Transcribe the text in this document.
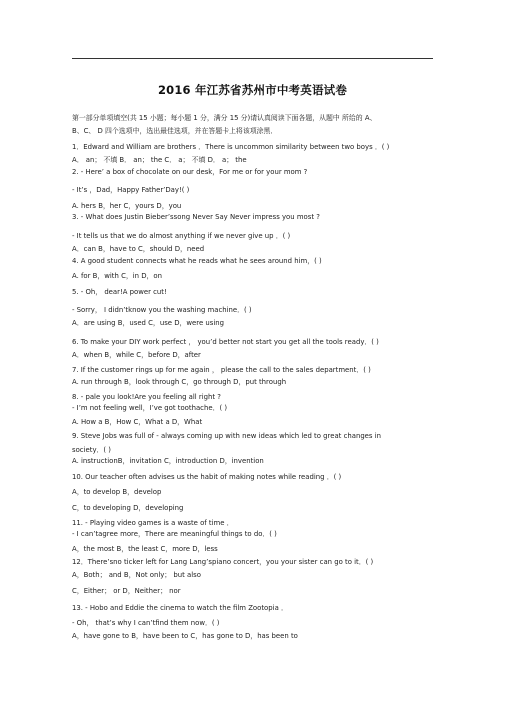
2016 年江苏省苏州市中考英语试卷
第一部分单项填空(共 15 小题；每小题 1 分，满分 15 分)请认真阅读下面各题，从题中 所给的 A、
B、C、 D 四个选项中，选出最佳选项，并在答题卡上将该项涂黑．
1．Edward and William are brothers ．There is uncommon similarity between two boys ．( )
A． an； 不填 B． an； the C． a； 不填 D． a； the
2. - Here’ a box of chocolate on our desk，For me or for your mom ?
- It’s ，Dad，Happy Father’Day!( )
A. hers B，her C，yours D，you
3. - What does Justin Bieber’ssong Never Say Never impress you most ?
- It tells us that we do almost anything if we never give up ．( )
A．can B，have to C，should D，need
4. A good student connects what he reads what he sees around him，( )
A. for B，with C，in D，on
5. - Oh， dear!A power cut!
- Sorry， I didn’tknow you the washing machine．( )
A．are using B，used C，use D，were using
6. To make your DIY work perfect ， you’d better not start you get all the tools ready．( )
A．when B，while C，before D，after
7. If the customer rings up for me again ， please the call to the sales department．( )
A. run through B，look through C，go through D，put through
8. - pale you look!Are you feeling all right ?
- I’m not feeling well，I’ve got toothache．( )
A. How a B，How C，What a D，What
9. Steve Jobs was full of - always coming up with new ideas which led to great changes in
society．( )
A. instructionB，invitation C，introduction D，invention
10. Our teacher often advises us the habit of making notes while reading ．( )
A，to develop B，develop
C，to developing D，developing
11. - Playing video games is a waste of time ．
- I can’tagree more，There are meaningful things to do．( )
A，the most B，the least C，more D，less
12．There’sno ticker left for Lang Lang’spiano concert，you your sister can go to it．( )
A，Both； and B，Not only； but also
C，Either； or D，Neither； nor
13. - Hobo and Eddie the cinema to watch the film Zootopia ．
- Oh， that’s why I can’tfind them now．( )
A，have gone to B，have been to C，has gone to D，has been to
